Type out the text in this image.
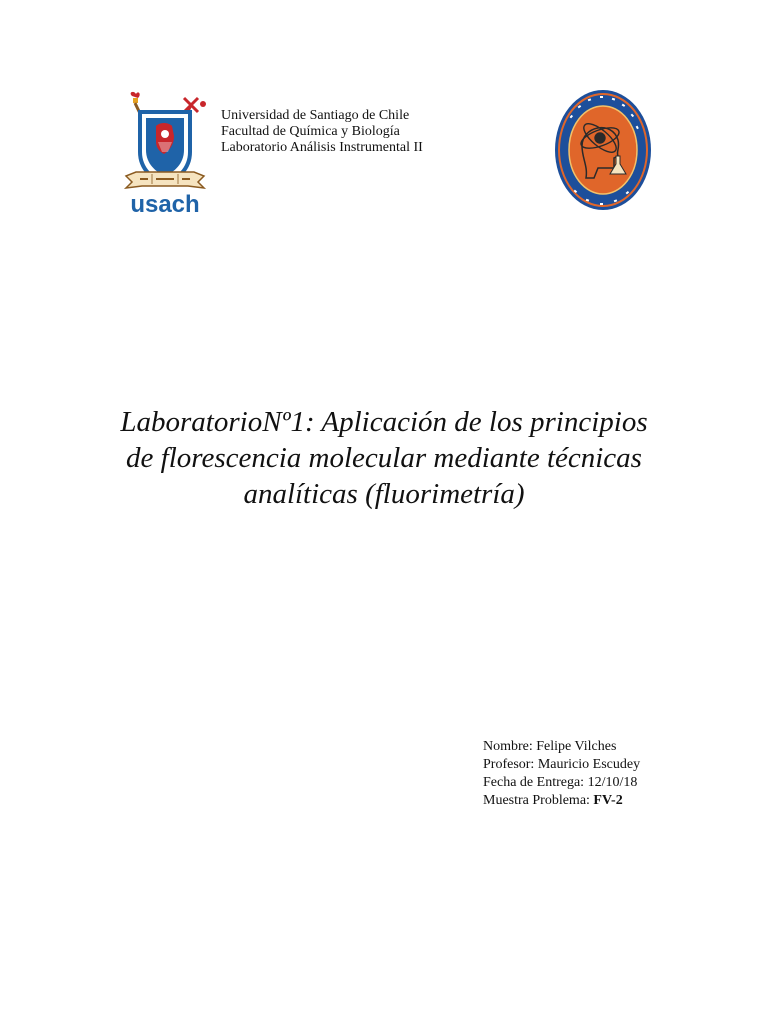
usach
Universidad de Santiago de Chile
Facultad de Química y Biología
Laboratorio Análisis Instrumental II
LaboratorioNº1: Aplicación de los principios
de florescencia molecular mediante técnicas
analíticas (fluorimetría)
Nombre: Felipe Vilches
Profesor: Mauricio Escudey
Fecha de Entrega: 12/10/18
Muestra Problema: FV-2
